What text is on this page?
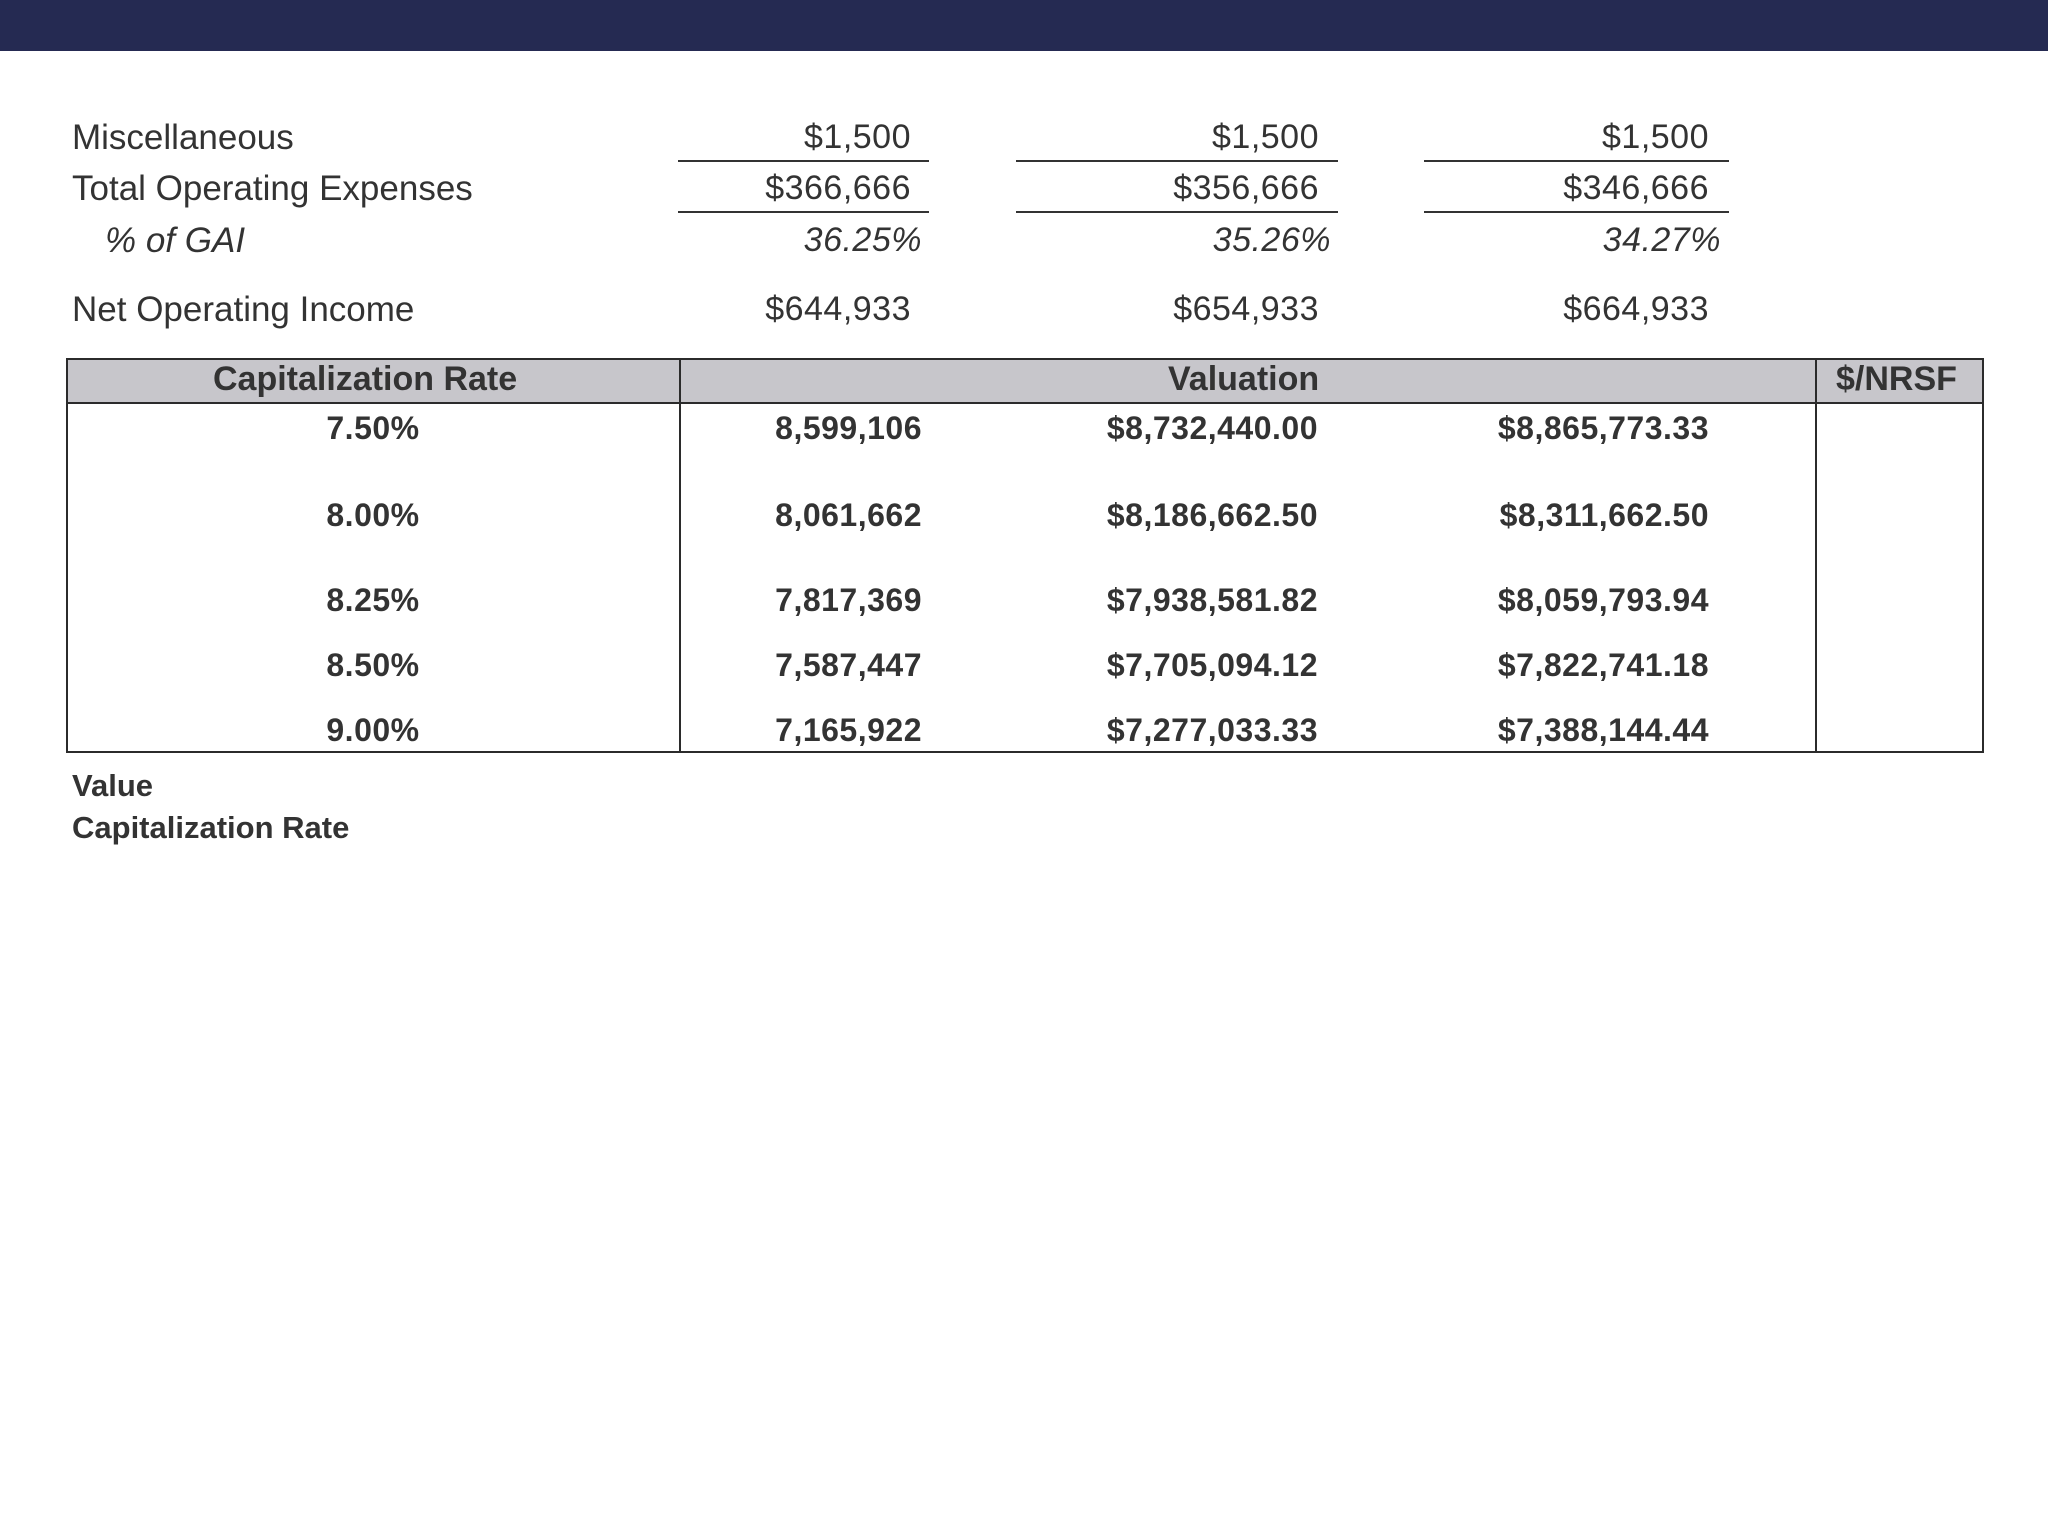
Miscellaneous	$1,500	$1,500	$1,500
Total Operating Expenses	$366,666	$356,666	$346,666
% of GAI	36.25%	35.26%	34.27%
Net Operating Income	$644,933	$654,933	$664,933
Capitalization Rate	Valuation	$/NRSF
7.50%	8,599,106	$8,732,440.00	$8,865,773.33
8.00%	8,061,662	$8,186,662.50	$8,311,662.50
8.25%	7,817,369	$7,938,581.82	$8,059,793.94
8.50%	7,587,447	$7,705,094.12	$7,822,741.18
9.00%	7,165,922	$7,277,033.33	$7,388,144.44
Value
Capitalization Rate
